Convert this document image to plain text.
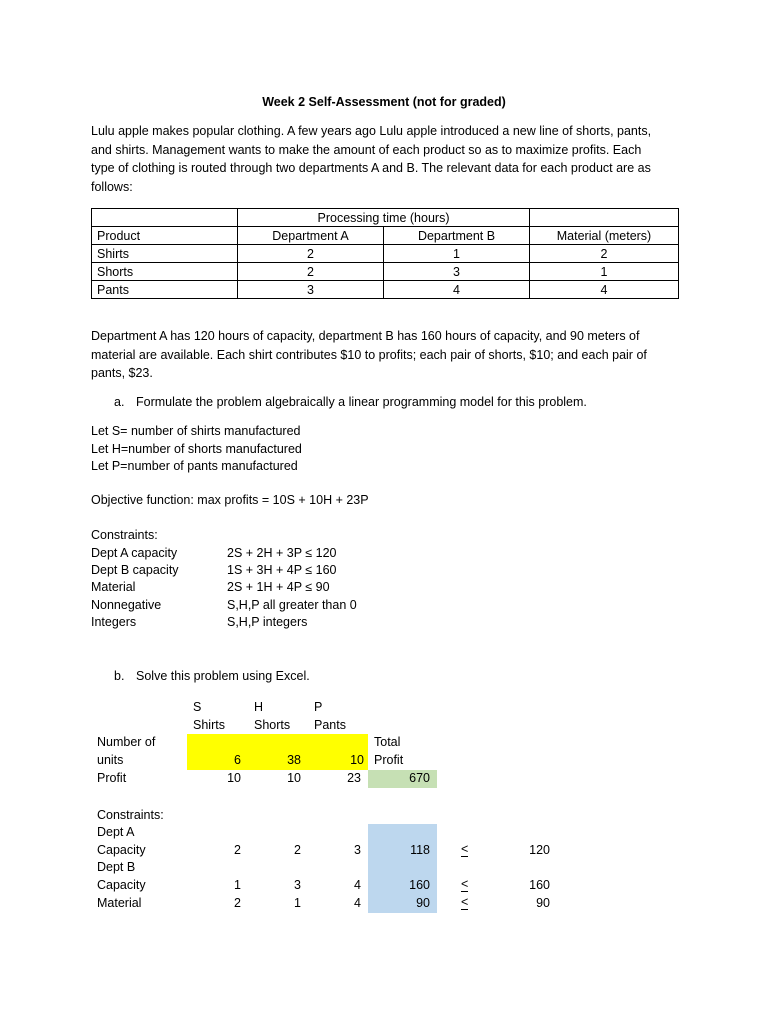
Week 2 Self-Assessment (not for graded)
Lulu apple makes popular clothing. A few years ago Lulu apple introduced a new line of shorts, pants,
and shirts. Management wants to make the amount of each product so as to maximize profits. Each
type of clothing is routed through two departments A and B. The relevant data for each product are as
follows:
	Processing time (hours)		
Product	Department A	Department B	Material (meters)
Shirts	2	1	2
Shorts	2	3	1
Pants	3	4	4
Department A has 120 hours of capacity, department B has 160 hours of capacity, and 90 meters of
material are available. Each shirt contributes $10 to profits; each pair of shorts, $10; and each pair of
pants, $23.
a. Formulate the problem algebraically a linear programming model for this problem.
Let S= number of shirts manufactured
Let H=number of shorts manufactured
Let P=number of pants manufactured
Objective function: max profits = 10S + 10H + 23P
Constraints:
Dept A capacity	2S + 2H + 3P ≤ 120
Dept B capacity	1S + 3H + 4P ≤ 160
Material	2S + 1H + 4P ≤ 90
Nonnegative	S,H,P all greater than 0
Integers	S,H,P integers
b. Solve this problem using Excel.
S	H	P
Shirts Shorts Pants
Number of
units	6	38	10
Total
Profit
Profit	10	10	23	670
Constraints:
Dept A
Capacity	2	2	3	118 <	120
Dept B
Capacity	1	3	4	160 <	160
Material	2	1	4	90 <	90
